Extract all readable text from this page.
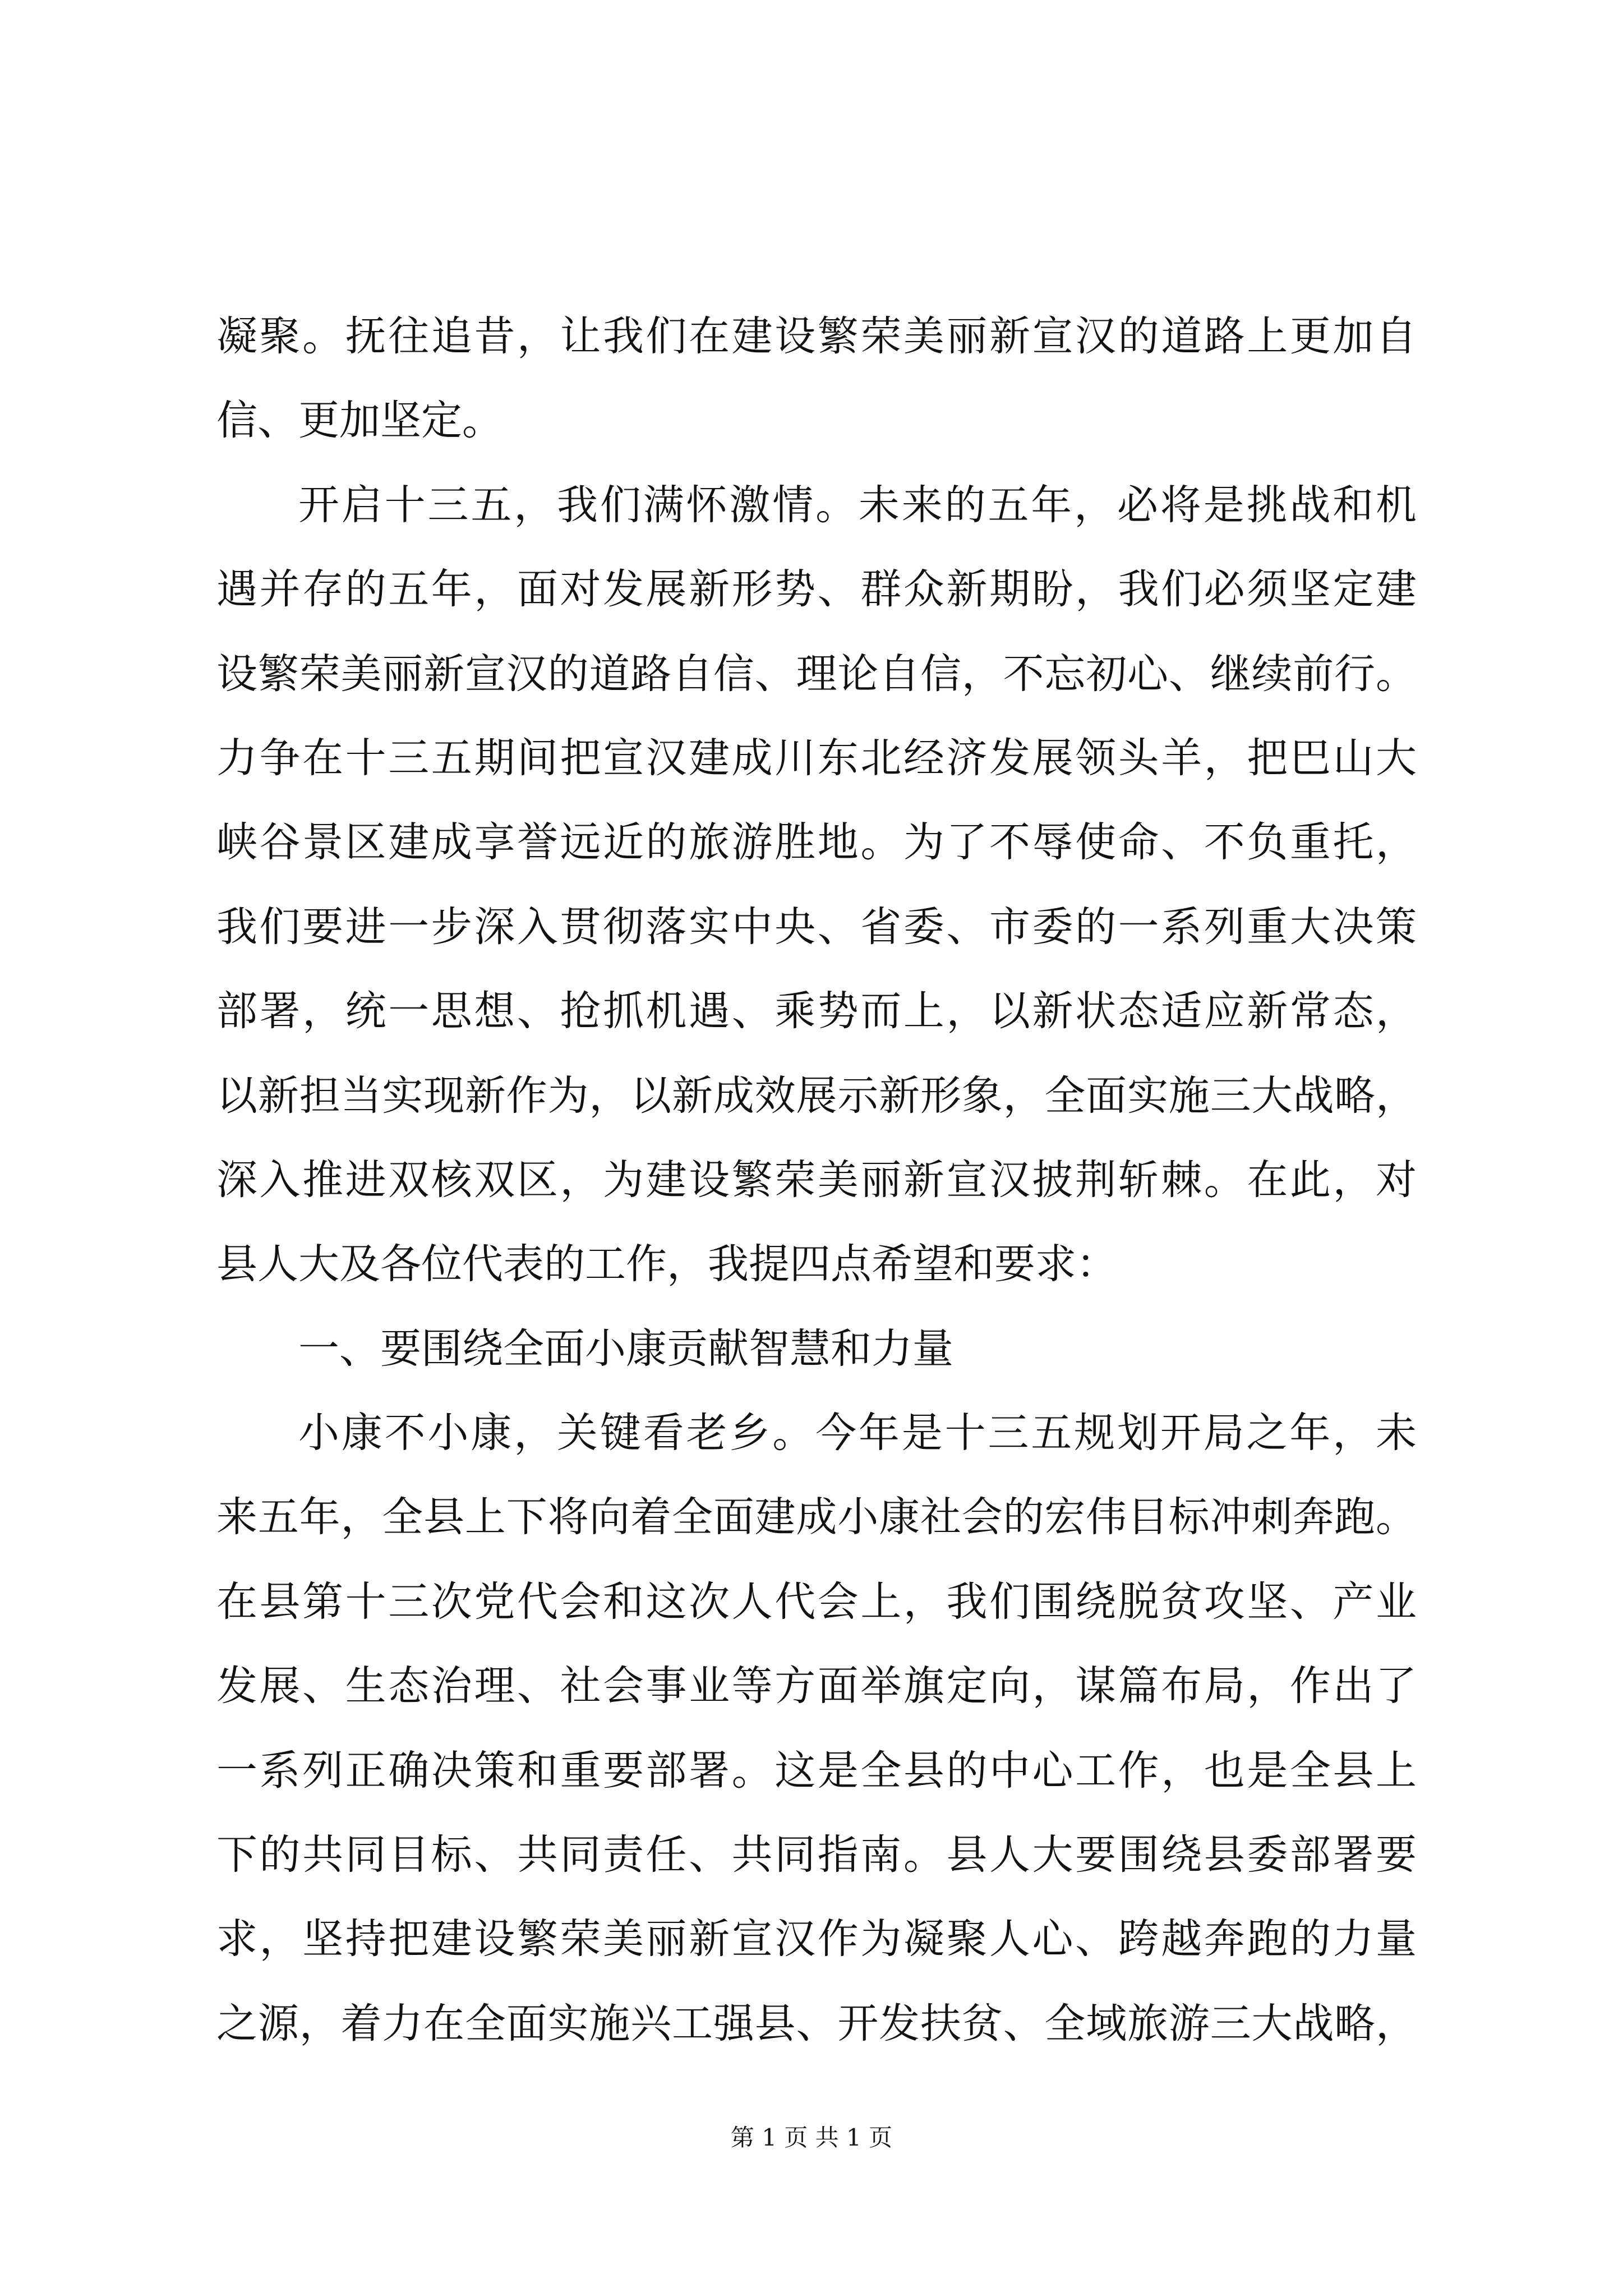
凝聚。抚往追昔，让我们在建设繁荣美丽新宣汉的道路上更加自
信、更加坚定。
开启十三五，我们满怀激情。未来的五年，必将是挑战和机
遇并存的五年，面对发展新形势、群众新期盼，我们必须坚定建
设繁荣美丽新宣汉的道路自信、理论自信，不忘初心、继续前行。
力争在十三五期间把宣汉建成川东北经济发展领头羊，把巴山大
峡谷景区建成享誉远近的旅游胜地。为了不辱使命、不负重托，
我们要进一步深入贯彻落实中央、省委、市委的一系列重大决策
部署，统一思想、抢抓机遇、乘势而上，以新状态适应新常态，
以新担当实现新作为，以新成效展示新形象，全面实施三大战略，
深入推进双核双区，为建设繁荣美丽新宣汉披荆斩棘。在此，对
县人大及各位代表的工作，我提四点希望和要求：
一、要围绕全面小康贡献智慧和力量
小康不小康，关键看老乡。今年是十三五规划开局之年，未
来五年，全县上下将向着全面建成小康社会的宏伟目标冲刺奔跑。
在县第十三次党代会和这次人代会上，我们围绕脱贫攻坚、产业
发展、生态治理、社会事业等方面举旗定向，谋篇布局，作出了
一系列正确决策和重要部署。这是全县的中心工作，也是全县上
下的共同目标、共同责任、共同指南。县人大要围绕县委部署要
求，坚持把建设繁荣美丽新宣汉作为凝聚人心、跨越奔跑的力量
之源，着力在全面实施兴工强县、开发扶贫、全域旅游三大战略，
第 1 页 共 1 页
